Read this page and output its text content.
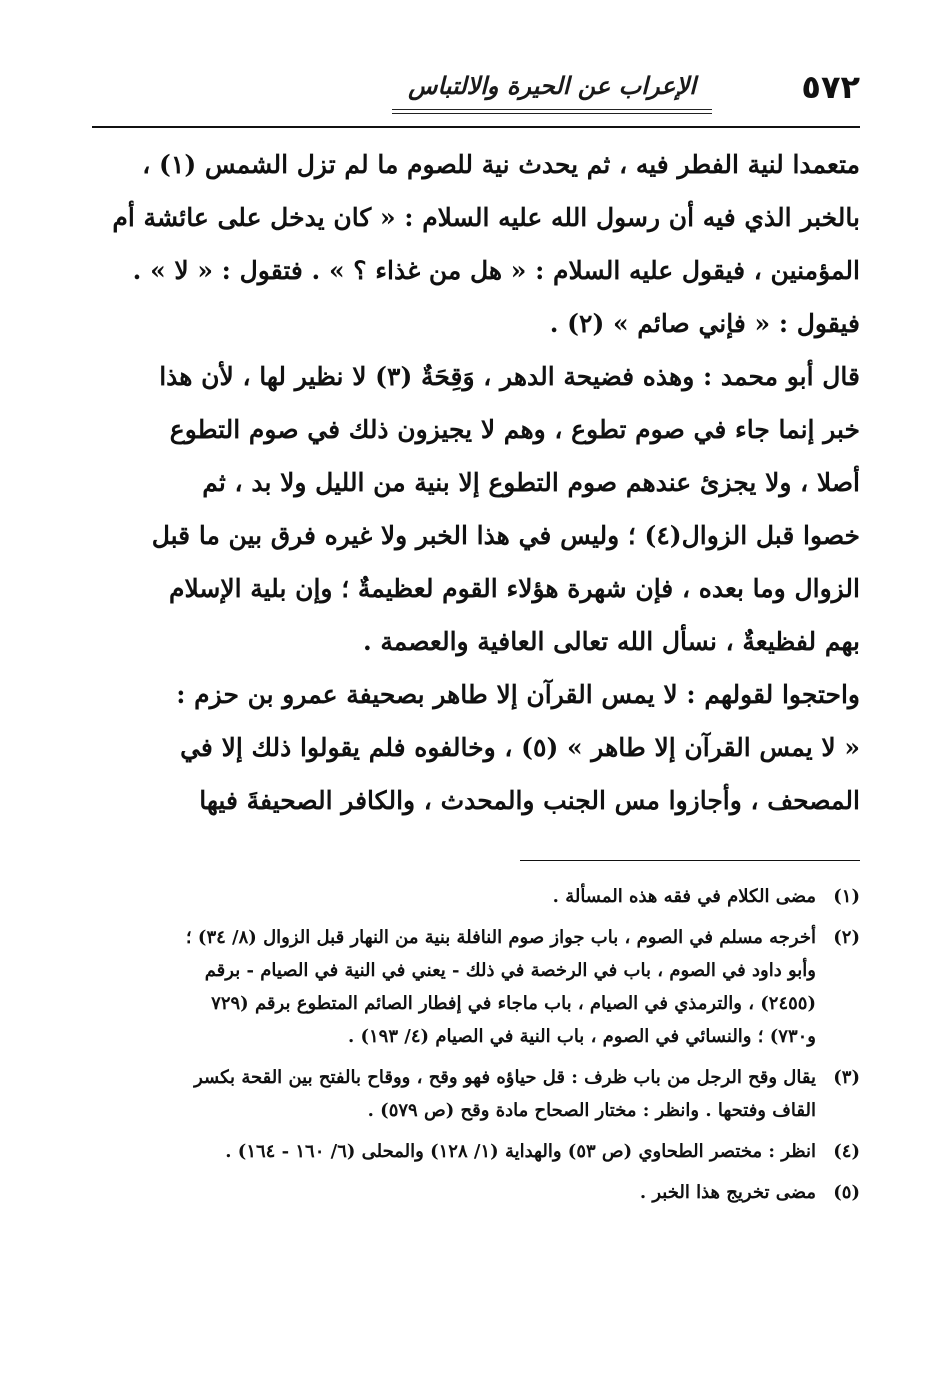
٥٧٢
الإعراب عن الحيرة والالتباس

متعمدا لنية الفطر فيه ، ثم يحدث نية للصوم ما لم تزل الشمس (١) ،
بالخبر الذي فيه أن رسول الله عليه السلام : « كان يدخل على عائشة أم
المؤمنين ، فيقول عليه السلام : « هل من غذاء ؟ » . فتقول : « لا » .
فيقول : « فإني صائم » (٢) .

قال أبو محمد : وهذه فضيحة الدهر ، وَقِحَةٌ (٣) لا نظير لها ، لأن هذا
خبر إنما جاء في صوم تطوع ، وهم لا يجيزون ذلك في صوم التطوع
أصلا ، ولا يجزئ عندهم صوم التطوع إلا بنية من الليل ولا بد ، ثم
خصوا قبل الزوال(٤) ؛ وليس في هذا الخبر ولا غيره فرق بين ما قبل
الزوال وما بعده ، فإن شهرة هؤلاء القوم لعظيمةٌ ؛ وإن بلية الإسلام
بهم لفظيعةٌ ، نسأل الله تعالى العافية والعصمة .

واحتجوا لقولهم : لا يمس القرآن إلا طاهر بصحيفة عمرو بن حزم :
« لا يمس القرآن إلا طاهر » (٥) ، وخالفوه فلم يقولوا ذلك إلا في
المصحف ، وأجازوا مس الجنب والمحدث ، والكافر الصحيفةَ فيها

(١)
مضى الكلام في فقه هذه المسألة .
(٢)
أخرجه مسلم في الصوم ، باب جواز صوم النافلة بنية من النهار قبل الزوال (٨/ ٣٤) ؛
وأبو داود في الصوم ، باب في الرخصة في ذلك - يعني في النية في الصيام - برقم
(٢٤٥٥) ، والترمذي في الصيام ، باب ماجاء في إفطار الصائم المتطوع برقم (٧٢٩
و٧٣٠) ؛ والنسائي في الصوم ، باب النية في الصيام (٤/ ١٩٣) .
(٣)
يقال وقح الرجل من باب ظرف : قل حياؤه فهو وقح ، ووقاح بالفتح بين القحة بكسر
القاف وفتحها . وانظر : مختار الصحاح مادة وقح (ص ٥٧٩) .
(٤)
انظر : مختصر الطحاوي (ص ٥٣) والهداية (١/ ١٢٨) والمحلى (٦/ ١٦٠ - ١٦٤) .
(٥)
مضى تخريج هذا الخبر .
